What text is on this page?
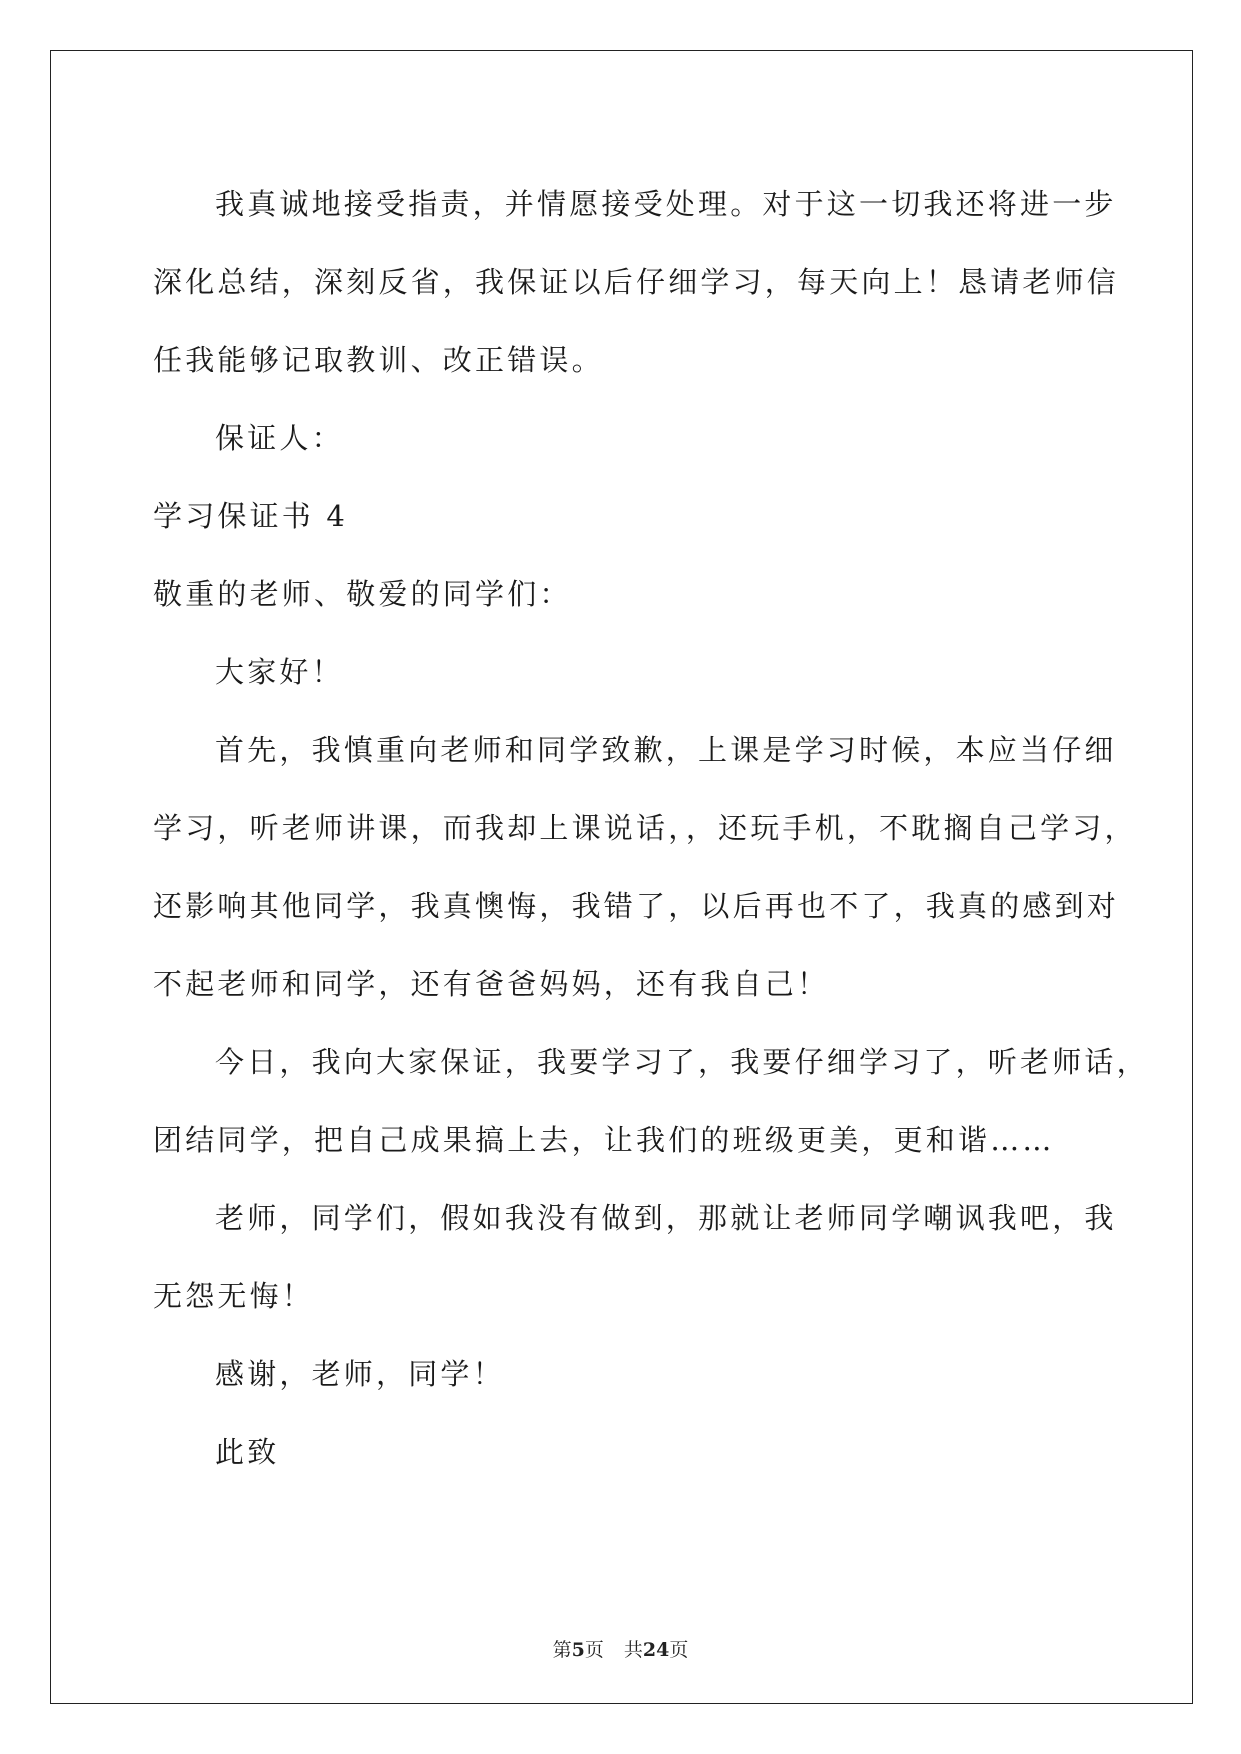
我真诚地接受指责，并情愿接受处理。对于这一切我还将进一步
深化总结，深刻反省，我保证以后仔细学习，每天向上！恳请老师信
任我能够记取教训、改正错误。
保证人：
学习保证书 4
敬重的老师、敬爱的同学们：
大家好！
首先，我慎重向老师和同学致歉，上课是学习时候，本应当仔细
学习，听老师讲课，而我却上课说话，，还玩手机，不耽搁自己学习，
还影响其他同学，我真懊悔，我错了，以后再也不了，我真的感到对
不起老师和同学，还有爸爸妈妈，还有我自己！
今日，我向大家保证，我要学习了，我要仔细学习了，听老师话，
团结同学，把自己成果搞上去，让我们的班级更美，更和谐……
老师，同学们，假如我没有做到，那就让老师同学嘲讽我吧，我
无怨无悔！
感谢，老师，同学！
此致
第5页 共24页
